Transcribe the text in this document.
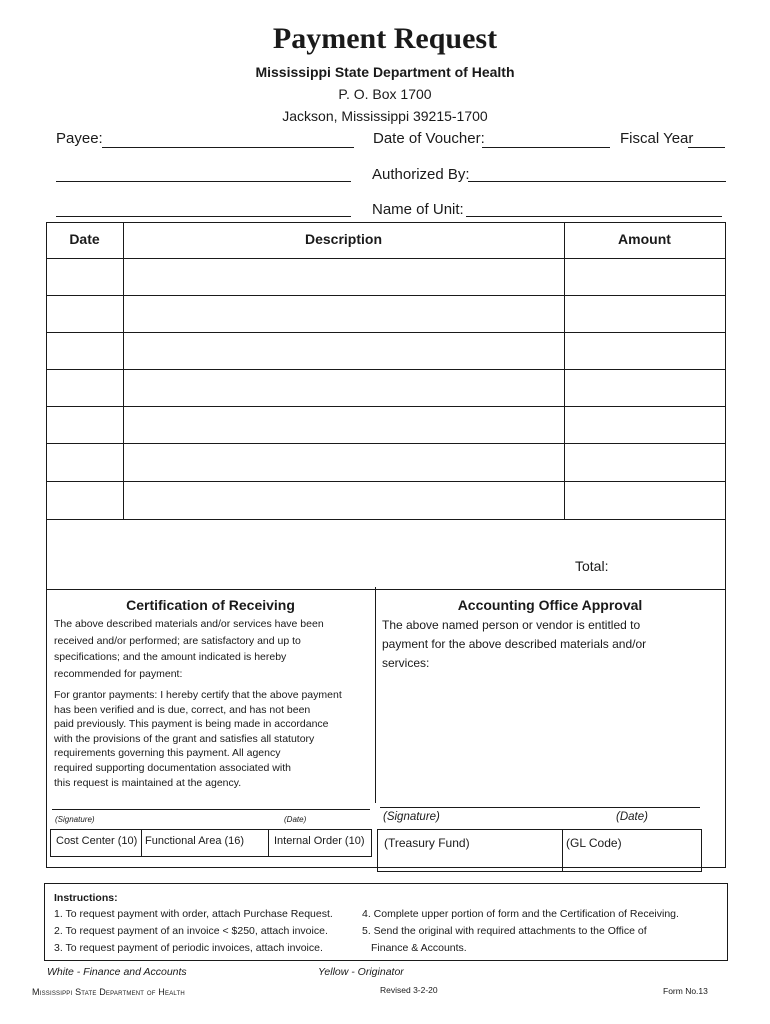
Payment Request
Mississippi State Department of Health
P. O. Box 1700
Jackson, Mississippi 39215-1700
Payee:	Date of Voucher:	Fiscal Year
Authorized By:
Name of Unit:
Date	Description	Amount
Total:
Certification of Receiving
The above described materials and/or services have been
received and/or performed; are satisfactory and up to
specifications; and the amount indicated is hereby
recommended for payment:
For grantor payments: I hereby certify that the above payment
has been verified and is due, correct, and has not been
paid previously. This payment is being made in accordance
with the provisions of the grant and satisfies all statutory
requirements governing this payment. All agency
required supporting documentation associated with
this request is maintained at the agency.
(Signature)	(Date)
Cost Center (10) Functional Area (16)	Internal Order (10)
Accounting Office Approval
The above named person or vendor is entitled to
payment for the above described materials and/or
services:
(Signature)	(Date)
(Treasury Fund)	(GL Code)
Instructions:
1. To request payment with order, attach Purchase Request.
2. To request payment of an invoice < $250, attach invoice.
3. To request payment of periodic invoices, attach invoice.
4. Complete upper portion of form and the Certification of Receiving.
5. Send the original with required attachments to the Office of
Finance & Accounts.
White - Finance and Accounts	Yellow - Originator
Mississippi State Department of Health	Revised 3-2-20	Form No.13
